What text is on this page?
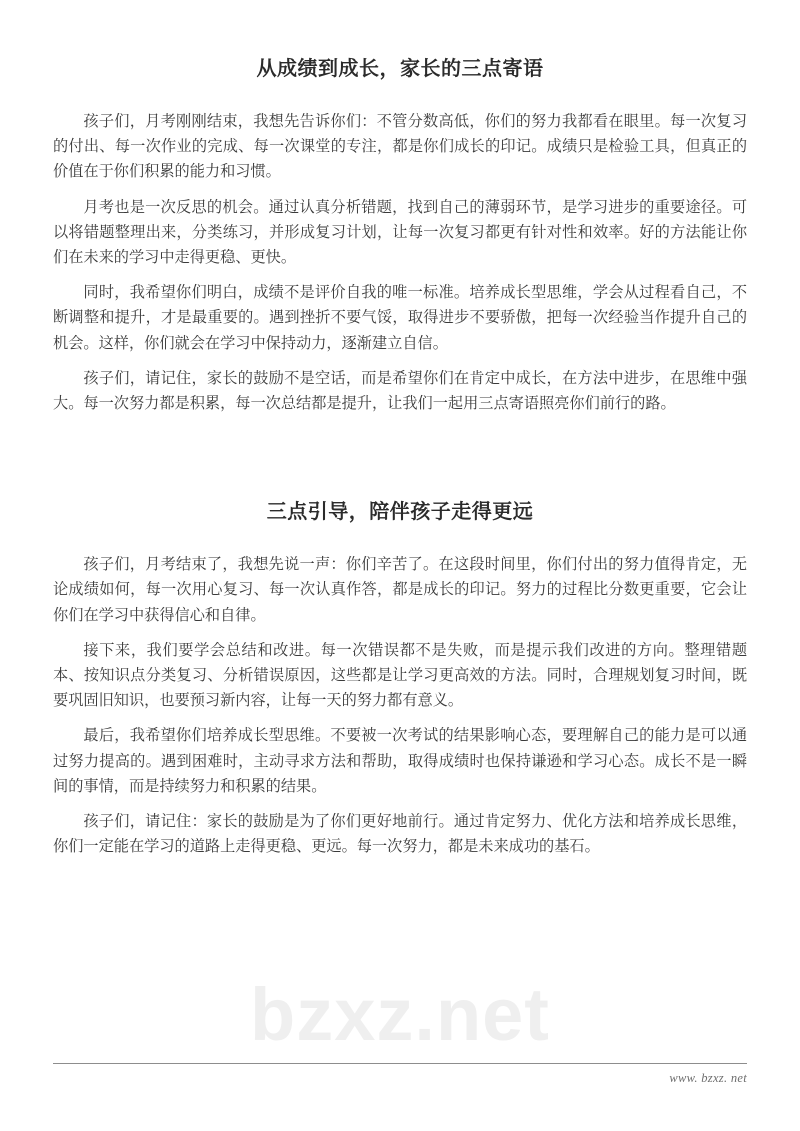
从成绩到成长，家长的三点寄语

孩子们，月考刚刚结束，我想先告诉你们：不管分数高低，你们的努力我都看在眼里。每一次复习的付出、每一次作业的完成、每一次课堂的专注，都是你们成长的印记。成绩只是检验工具，但真正的价值在于你们积累的能力和习惯。

月考也是一次反思的机会。通过认真分析错题，找到自己的薄弱环节，是学习进步的重要途径。可以将错题整理出来，分类练习，并形成复习计划，让每一次复习都更有针对性和效率。好的方法能让你们在未来的学习中走得更稳、更快。

同时，我希望你们明白，成绩不是评价自我的唯一标准。培养成长型思维，学会从过程看自己，不断调整和提升，才是最重要的。遇到挫折不要气馁，取得进步不要骄傲，把每一次经验当作提升自己的机会。这样，你们就会在学习中保持动力，逐渐建立自信。

孩子们，请记住，家长的鼓励不是空话，而是希望你们在肯定中成长，在方法中进步，在思维中强大。每一次努力都是积累，每一次总结都是提升，让我们一起用三点寄语照亮你们前行的路。

三点引导，陪伴孩子走得更远

孩子们，月考结束了，我想先说一声：你们辛苦了。在这段时间里，你们付出的努力值得肯定，无论成绩如何，每一次用心复习、每一次认真作答，都是成长的印记。努力的过程比分数更重要，它会让你们在学习中获得信心和自律。

接下来，我们要学会总结和改进。每一次错误都不是失败，而是提示我们改进的方向。整理错题本、按知识点分类复习、分析错误原因，这些都是让学习更高效的方法。同时，合理规划复习时间，既要巩固旧知识，也要预习新内容，让每一天的努力都有意义。

最后，我希望你们培养成长型思维。不要被一次考试的结果影响心态，要理解自己的能力是可以通过努力提高的。遇到困难时，主动寻求方法和帮助，取得成绩时也保持谦逊和学习心态。成长不是一瞬间的事情，而是持续努力和积累的结果。

孩子们，请记住：家长的鼓励是为了你们更好地前行。通过肯定努力、优化方法和培养成长思维，你们一定能在学习的道路上走得更稳、更远。每一次努力，都是未来成功的基石。

bzxz.net
www. bzxz. net
